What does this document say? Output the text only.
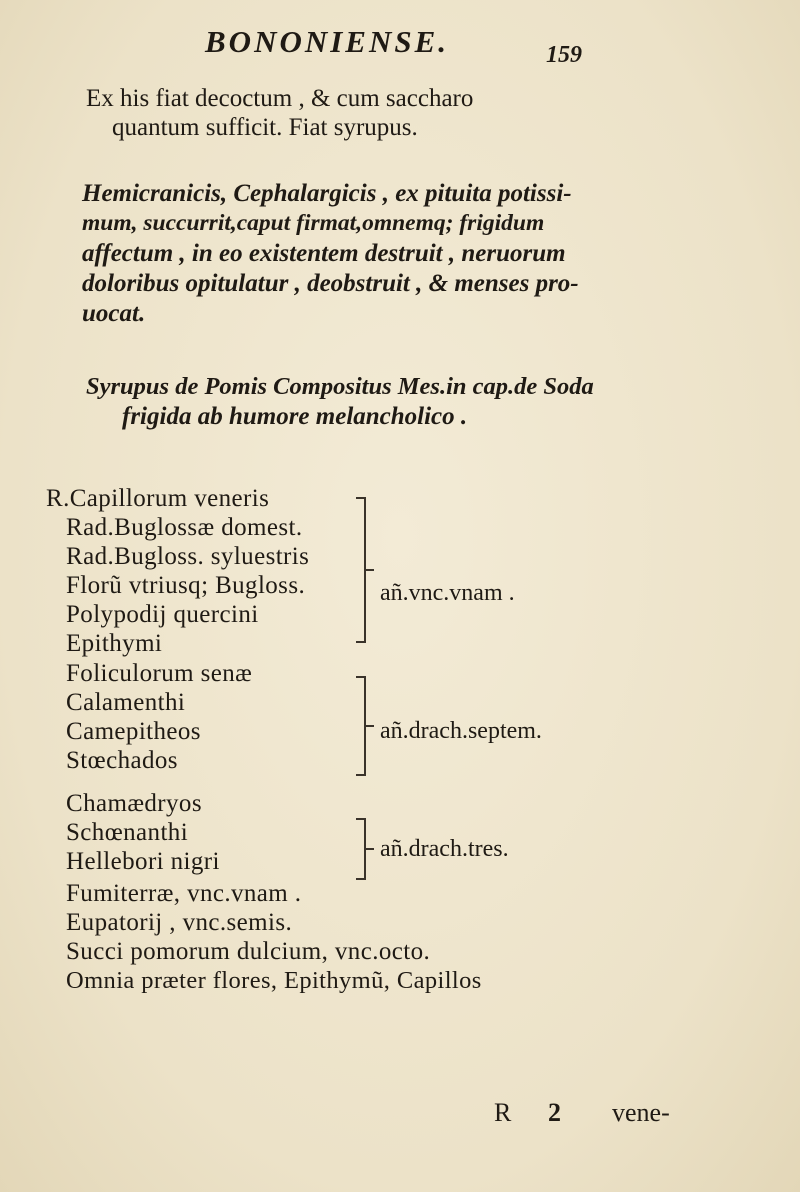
BONONIENSE.	159
Ex his fiat decoctum , & cum saccharo
quantum sufficit. Fiat syrupus.
Hemicranicis, Cephalargicis , ex pituita potissi-
mum, succurrit,caput firmat,omnemq; frigidum
affectum , in eo existentem destruit , neruorum
doloribus opitulatur , deobstruit , & menses pro-
uocat.
Syrupus de Pomis Compositus Mes.in cap.de Soda
frigida ab humore melancholico .
R.Capillorum veneris
Rad.Buglossæ domest.
Rad.Bugloss. syluestris
Florũ vtriusq; Bugloss.
Polypodij quercini
Epithymi
añ.vnc.vnam .
Foliculorum senæ
Calamenthi
Camepitheos
Stœchados
añ.drach.septem.
Chamædryos
Schœnanthi
Hellebori nigri	añ.drach.tres.
Fumiterræ, vnc.vnam .
Eupatorij , vnc.semis.
Succi pomorum dulcium, vnc.octo.
Omnia præter flores, Epithymũ, Capillos
R 2 vene-
